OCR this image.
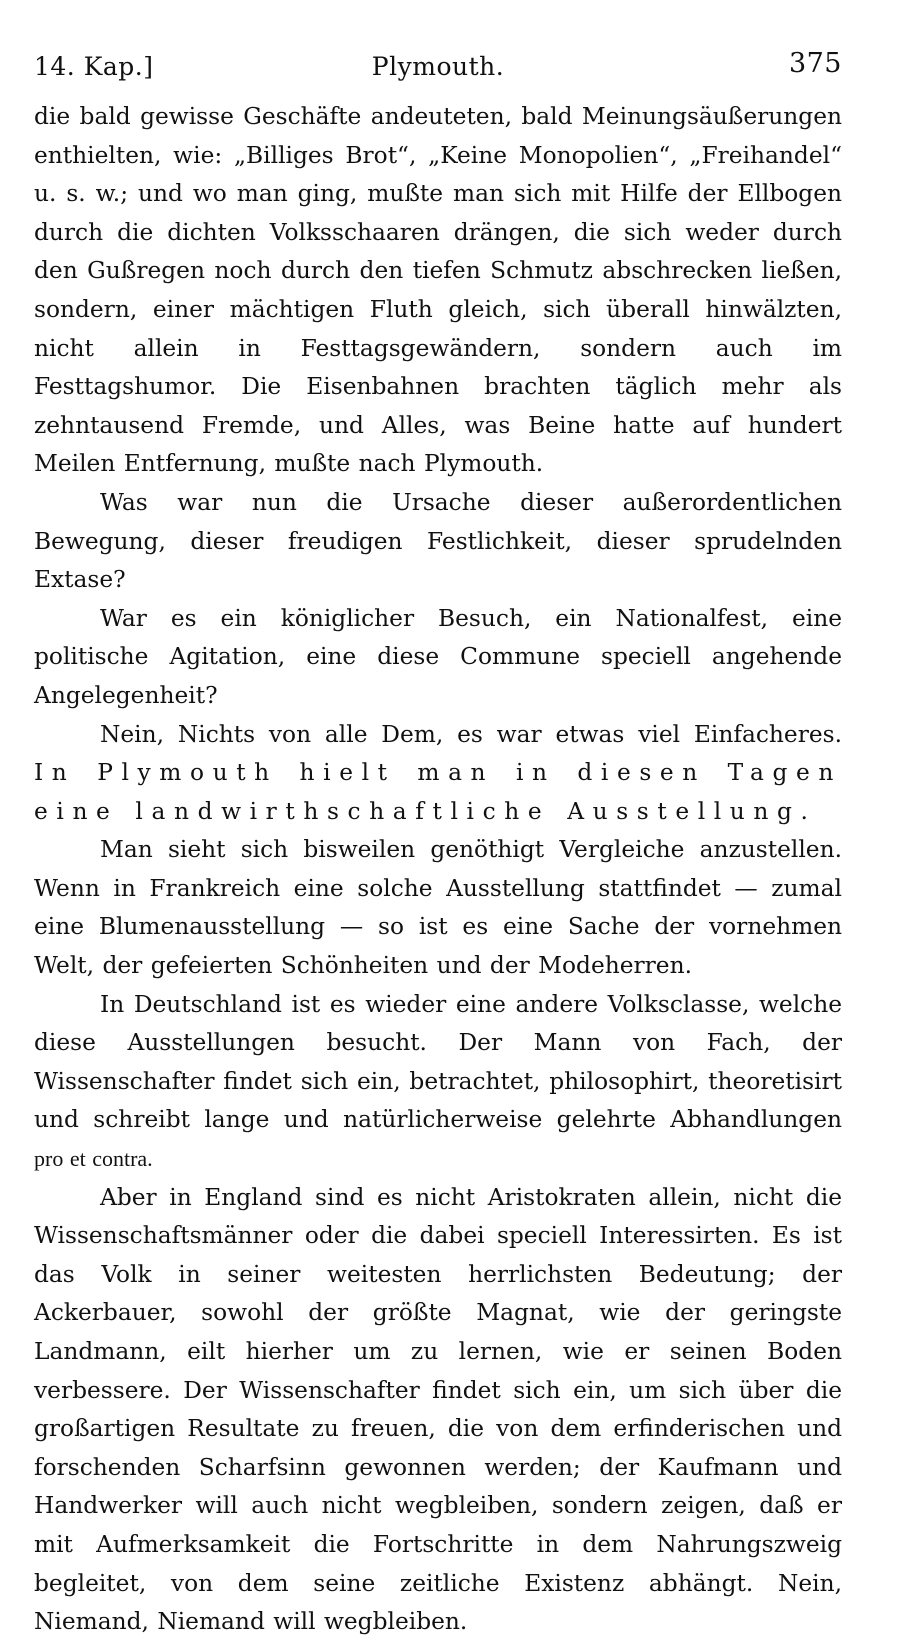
14. Kap.]	Plymouth.	375

die bald gewisse Geschäfte andeuteten, bald Meinungsäußerungen enthielten, wie: „Billiges Brot“, „Keine Monopolien“, „Freihandel“ u. s. w.; und wo man ging, mußte man sich mit Hilfe der Ellbogen durch die dichten Volksschaaren drängen, die sich weder durch den Gußregen noch durch den tiefen Schmutz abschrecken ließen, sondern, einer mächtigen Fluth gleich, sich überall hinwälzten, nicht allein in Festtagsgewändern, sondern auch im Festtagshumor. Die Eisenbahnen brachten täglich mehr als zehntausend Fremde, und Alles, was Beine hatte auf hundert Meilen Entfernung, mußte nach Plymouth.

Was war nun die Ursache dieser außerordentlichen Bewegung, dieser freudigen Festlichkeit, dieser sprudelnden Extase?

War es ein königlicher Besuch, ein Nationalfest, eine politische Agitation, eine diese Commune speciell angehende Angelegenheit?

Nein, Nichts von alle Dem, es war etwas viel Einfacheres. In Plymouth hielt man in diesen Tagen eine landwirthschaftliche Ausstellung.

Man sieht sich bisweilen genöthigt Vergleiche anzustellen. Wenn in Frankreich eine solche Ausstellung stattfindet — zumal eine Blumenausstellung — so ist es eine Sache der vornehmen Welt, der gefeierten Schönheiten und der Modeherren.

In Deutschland ist es wieder eine andere Volksclasse, welche diese Ausstellungen besucht. Der Mann von Fach, der Wissenschafter findet sich ein, betrachtet, philosophirt, theoretisirt und schreibt lange und natürlicherweise gelehrte Abhandlungen pro et contra.

Aber in England sind es nicht Aristokraten allein, nicht die Wissenschaftsmänner oder die dabei speciell Interessirten. Es ist das Volk in seiner weitesten herrlichsten Bedeutung; der Ackerbauer, sowohl der größte Magnat, wie der geringste Landmann, eilt hierher um zu lernen, wie er seinen Boden verbessere. Der Wissenschafter findet sich ein, um sich über die großartigen Resultate zu freuen, die von dem erfinderischen und forschenden Scharfsinn gewonnen werden; der Kaufmann und Handwerker will auch nicht wegbleiben, sondern zeigen, daß er mit Aufmerksamkeit die Fortschritte in dem Nahrungszweig begleitet, von dem seine zeitliche Existenz abhängt. Nein, Niemand, Niemand will wegbleiben.
